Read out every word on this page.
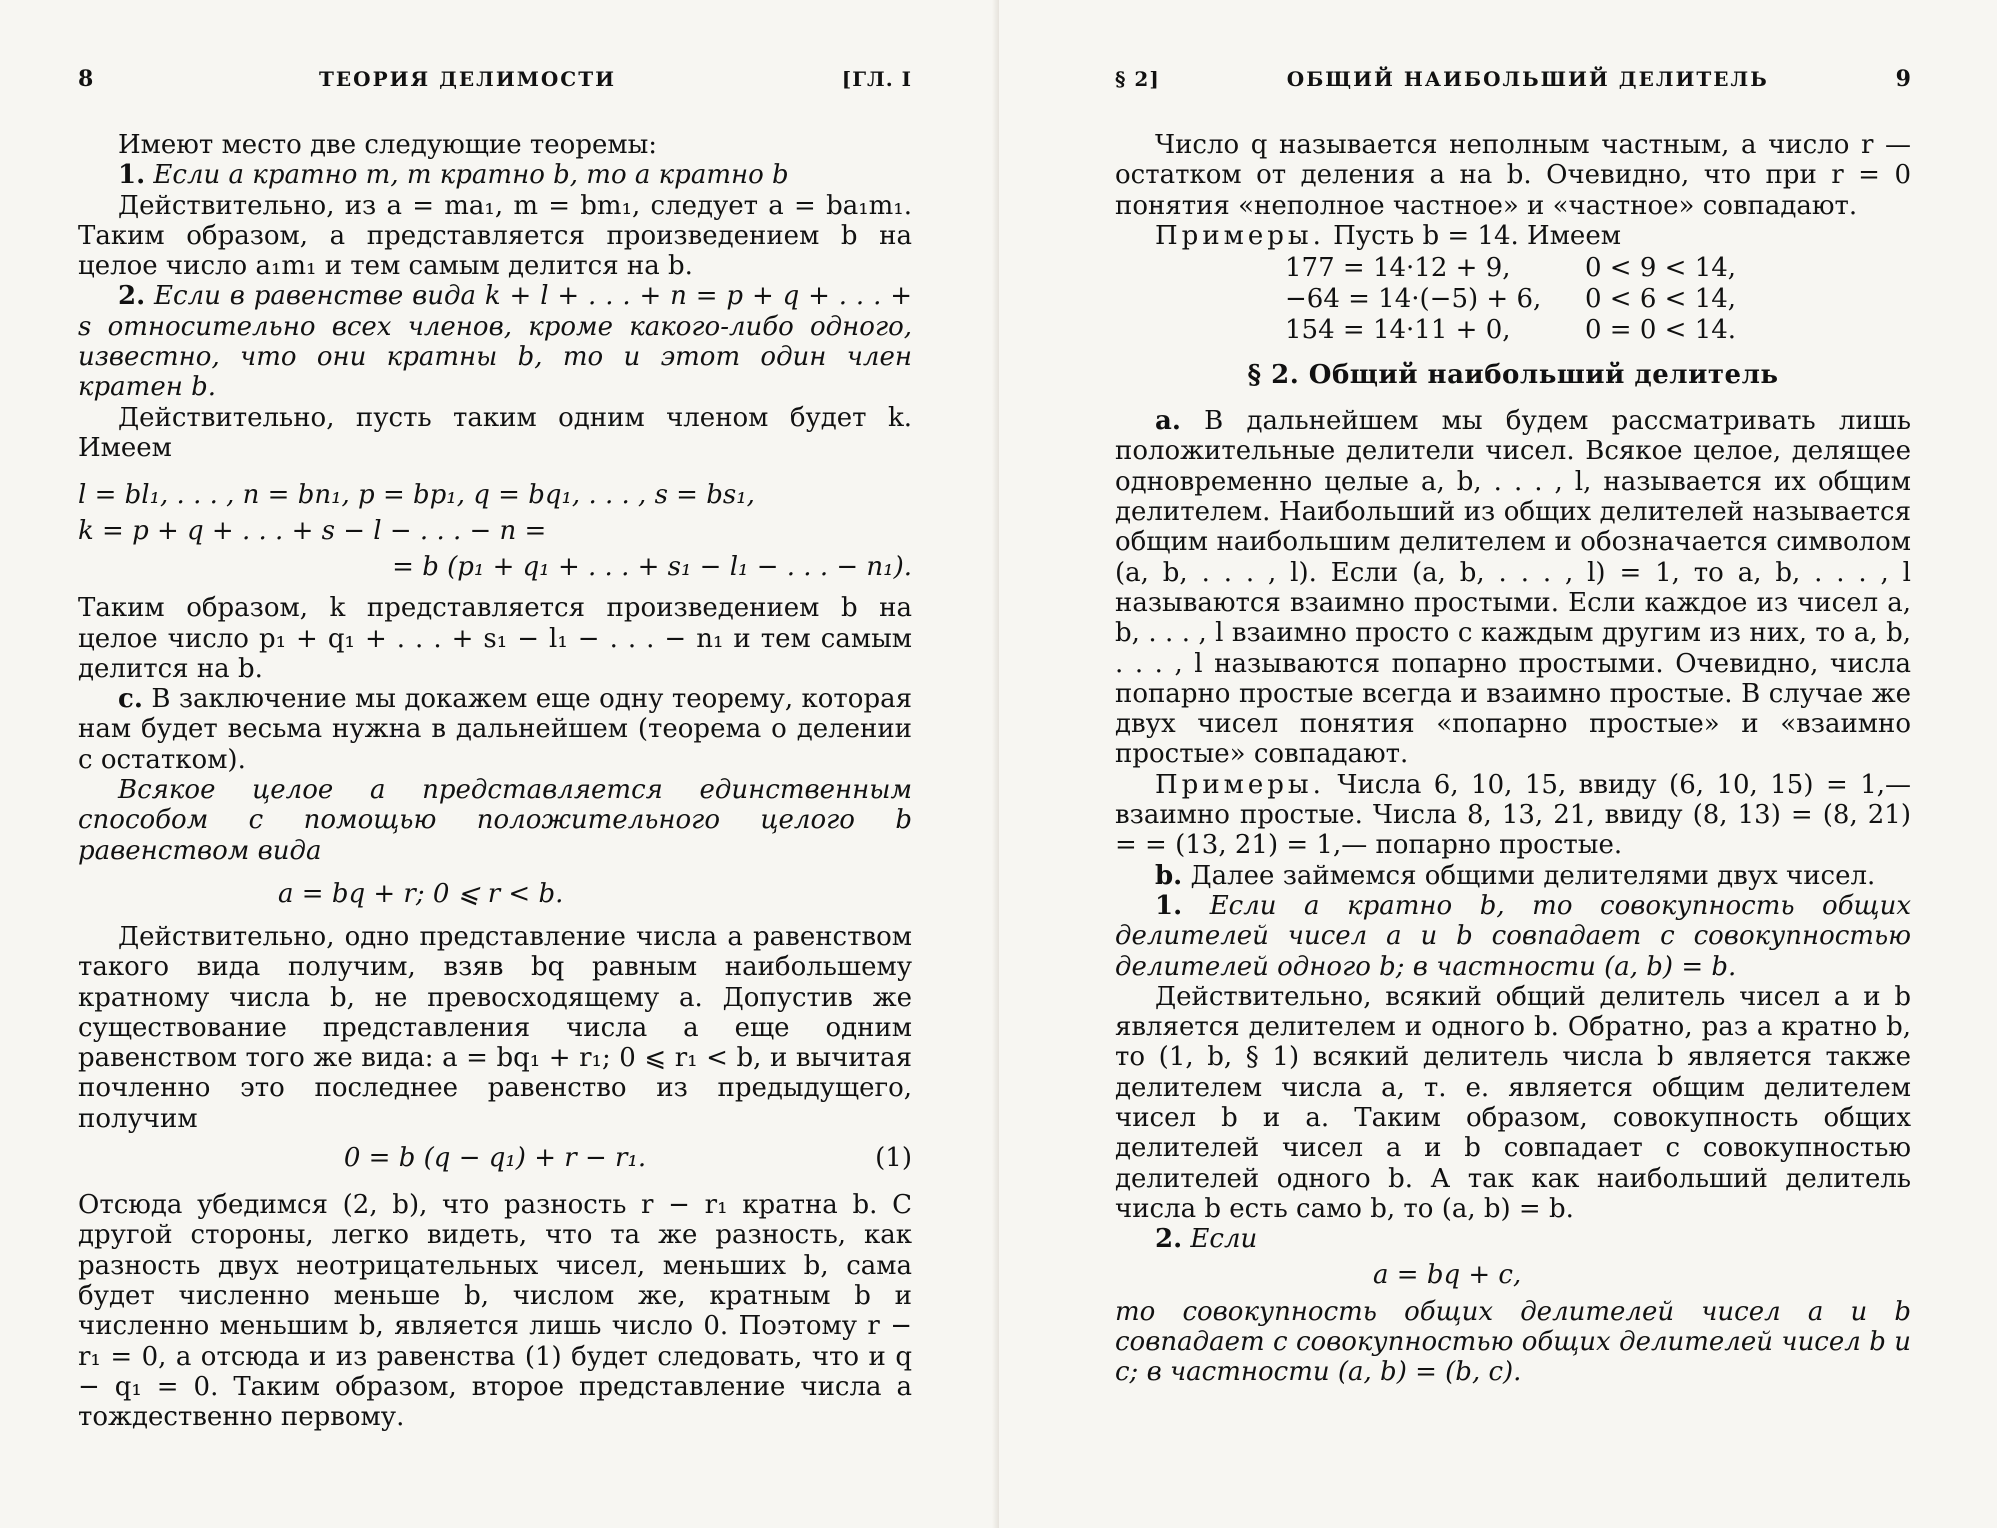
8	ТЕОРИЯ ДЕЛИМОСТИ	[ГЛ. I

Имеют место две следующие теоремы:

1. Если a кратно m, m кратно b, то a кратно b

Действительно, из a = ma₁, m = bm₁, следует a = ba₁m₁. Таким образом, a представляется произведением b на целое число a₁m₁ и тем самым делится на b.

2. Если в равенстве вида k + l + . . . + n = p + q + . . . + s относительно всех членов, кроме какого-либо одного, известно, что они кратны b, то и этот один член кратен b.

Действительно, пусть таким одним членом будет k. Имеем

l = bl₁, . . . , n = bn₁, p = bp₁, q = bq₁, . . . , s = bs₁,
k = p + q + . . . + s − l − . . . − n =
= b (p₁ + q₁ + . . . + s₁ − l₁ − . . . − n₁).

Таким образом, k представляется произведением b на целое число p₁ + q₁ + . . . + s₁ − l₁ − . . . − n₁ и тем самым делится на b.

c. В заключение мы докажем еще одну теорему, которая нам будет весьма нужна в дальнейшем (теорема о делении с остатком).

Всякое целое a представляется единственным способом с помощью положительного целого b равенством вида

a = bq + r; 0 ⩽ r < b.

Действительно, одно представление числа a равенством такого вида получим, взяв bq равным наибольшему кратному числа b, не превосходящему a. Допустив же существование представления числа a еще одним равенством того же вида: a = bq₁ + r₁; 0 ⩽ r₁ < b, и вычитая почленно это последнее равенство из предыдущего, получим

0 = b (q − q₁) + r − r₁.	(1)

Отсюда убедимся (2, b), что разность r − r₁ кратна b. С другой стороны, легко видеть, что та же разность, как разность двух неотрицательных чисел, меньших b, сама будет численно меньше b, числом же, кратным b и численно меньшим b, является лишь число 0. Поэтому r − r₁ = 0, а отсюда и из равенства (1) будет следовать, что и q − q₁ = 0. Таким образом, второе представление числа a тождественно первому.

§ 2]	ОБЩИЙ НАИБОЛЬШИЙ ДЕЛИТЕЛЬ	9

Число q называется неполным частным, а число r — остатком от деления a на b. Очевидно, что при r = 0 понятия «неполное частное» и «частное» совпадают.

Примеры. Пусть b = 14. Имеем

177 = 14·12 + 9,	0 < 9 < 14,
−64 = 14·(−5) + 6,	0 < 6 < 14,
154 = 14·11 + 0,	0 = 0 < 14.
§ 2. Общий наибольший делитель

a. В дальнейшем мы будем рассматривать лишь положительные делители чисел. Всякое целое, делящее одновременно целые a, b, . . . , l, называется их общим делителем. Наибольший из общих делителей называется общим наибольшим делителем и обозначается символом (a, b, . . . , l). Если (a, b, . . . , l) = 1, то a, b, . . . , l называются взаимно простыми. Если каждое из чисел a, b, . . . , l взаимно просто с каждым другим из них, то a, b, . . . , l называются попарно простыми. Очевидно, числа попарно простые всегда и взаимно простые. В случае же двух чисел понятия «попарно простые» и «взаимно простые» совпадают.

Примеры. Числа 6, 10, 15, ввиду (6, 10, 15) = 1,— взаимно простые. Числа 8, 13, 21, ввиду (8, 13) = (8, 21) = = (13, 21) = 1,— попарно простые.

b. Далее займемся общими делителями двух чисел.

1. Если a кратно b, то совокупность общих делителей чисел a и b совпадает с совокупностью делителей одного b; в частности (a, b) = b.

Действительно, всякий общий делитель чисел a и b является делителем и одного b. Обратно, раз a кратно b, то (1, b, § 1) всякий делитель числа b является также делителем числа a, т. е. является общим делителем чисел b и a. Таким образом, совокупность общих делителей чисел a и b совпадает с совокупностью делителей одного b. А так как наибольший делитель числа b есть само b, то (a, b) = b.

2. Если

a = bq + c,

то совокупность общих делителей чисел a и b совпадает с совокупностью общих делителей чисел b и c; в частности (a, b) = (b, c).
